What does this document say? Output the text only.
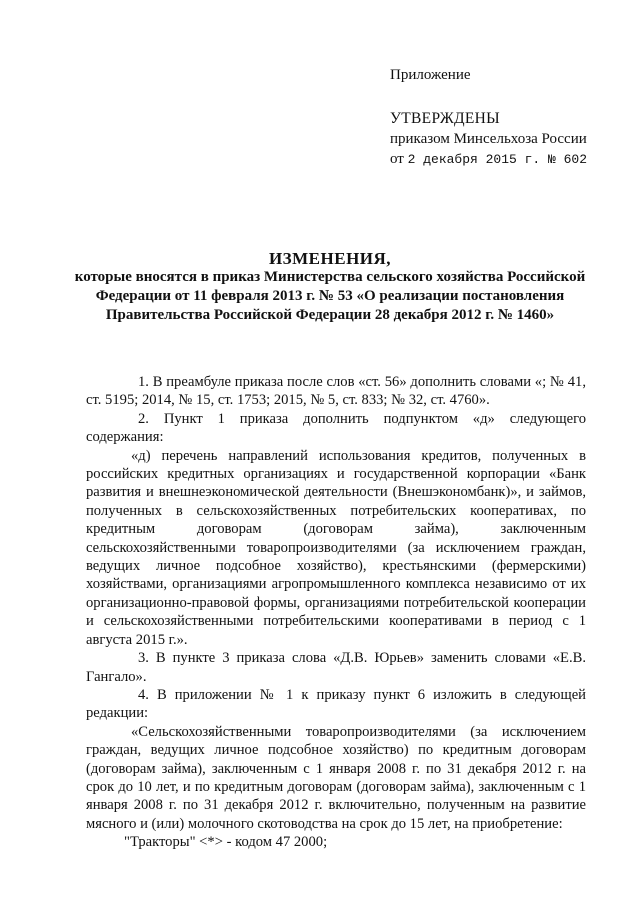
Приложение
УТВЕРЖДЕНЫ
приказом Минсельхоза России
от 2 декабря 2015 г. № 602
ИЗМЕНЕНИЯ,
которые вносятся в приказ Министерства сельского хозяйства Российской Федерации от 11 февраля 2013 г. № 53 «О реализации постановления Правительства Российской Федерации 28 декабря 2012 г. № 1460»

1. В преамбуле приказа после слов «ст. 56» дополнить словами «; № 41, ст. 5195; 2014, № 15, ст. 1753; 2015, № 5, ст. 833; № 32, ст. 4760».

2. Пункт 1 приказа дополнить подпунктом «д» следующего содержания:

«д) перечень направлений использования кредитов, полученных в российских кредитных организациях и государственной корпорации «Банк развития и внешнеэкономической деятельности (Внешэкономбанк)», и займов, полученных в сельскохозяйственных потребительских кооперативах, по кредитным договорам (договорам займа), заключенным сельскохозяйственными товаропроизводителями (за исключением граждан, ведущих личное подсобное хозяйство), крестьянскими (фермерскими) хозяйствами, организациями агропромышленного комплекса независимо от их организационно-правовой формы, организациями потребительской кооперации и сельскохозяйственными потребительскими кооперативами в период с 1 августа 2015 г.».

3. В пункте 3 приказа слова «Д.В. Юрьев» заменить словами «Е.В. Гангало».

4. В приложении № 1 к приказу пункт 6 изложить в следующей редакции:

«Сельскохозяйственными товаропроизводителями (за исключением граждан, ведущих личное подсобное хозяйство) по кредитным договорам (договорам займа), заключенным с 1 января 2008 г. по 31 декабря 2012 г. на срок до 10 лет, и по кредитным договорам (договорам займа), заключенным с 1 января 2008 г. по 31 декабря 2012 г. включительно, полученным на развитие мясного и (или) молочного скотоводства на срок до 15 лет, на приобретение:

"Тракторы" <*> - кодом 47 2000;
